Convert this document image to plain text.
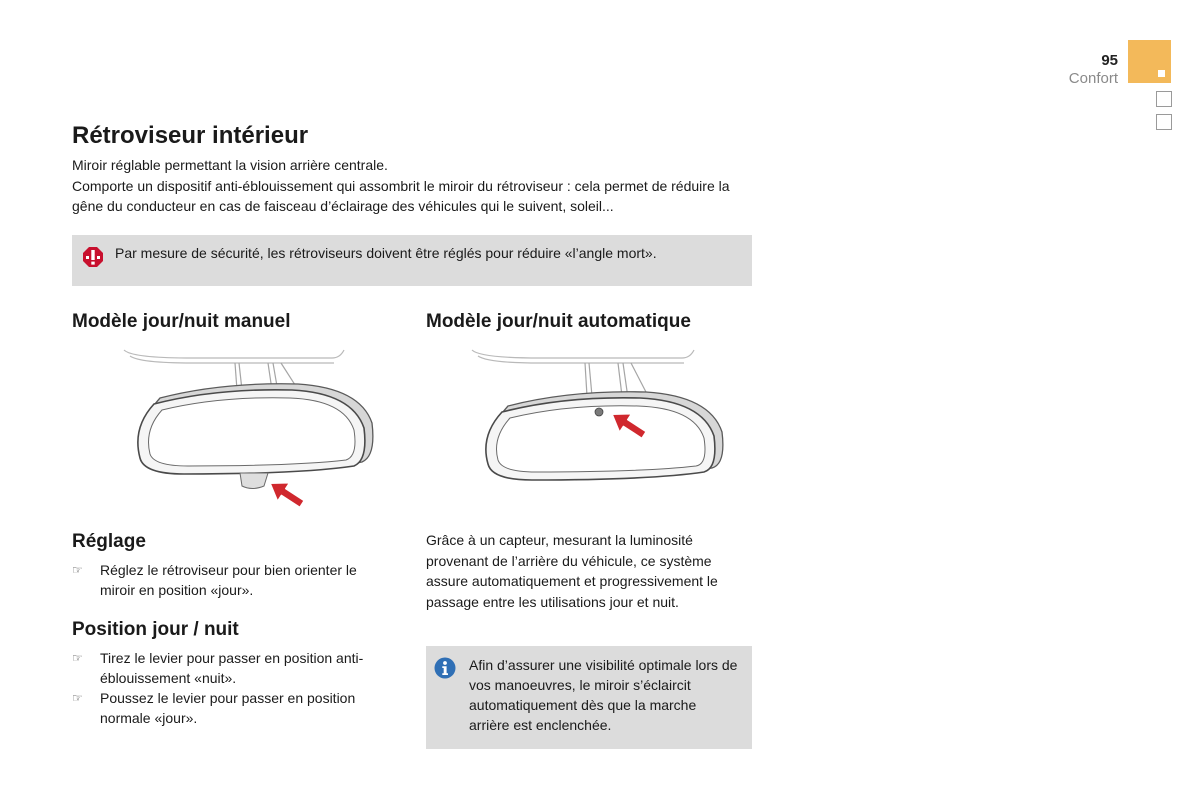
95
Confort
Rétroviseur intérieur

Miroir réglable permettant la vision arrière centrale.

Comporte un dispositif anti-éblouissement qui assombrit le miroir du rétroviseur : cela permet de réduire la gêne du conducteur en cas de faisceau d’éclairage des véhicules qui le suivent, soleil...

Par mesure de sécurité, les rétroviseurs doivent être réglés pour réduire «l’angle mort».
Modèle jour/nuit manuel	Modèle jour/nuit automatique
Réglage
☞ Réglez le rétroviseur pour bien orienter le miroir en position «jour».
Position jour / nuit
☞ Tirez le levier pour passer en position anti-éblouissement «nuit».
☞ Poussez le levier pour passer en position normale «jour».
Grâce à un capteur, mesurant la luminosité provenant de l’arrière du véhicule, ce système assure automatiquement et progressivement le passage entre les utilisations jour et nuit.
Afin d’assurer une visibilité optimale lors de vos manoeuvres, le miroir s’éclaircit automatiquement dès que la marche arrière est enclenchée.
